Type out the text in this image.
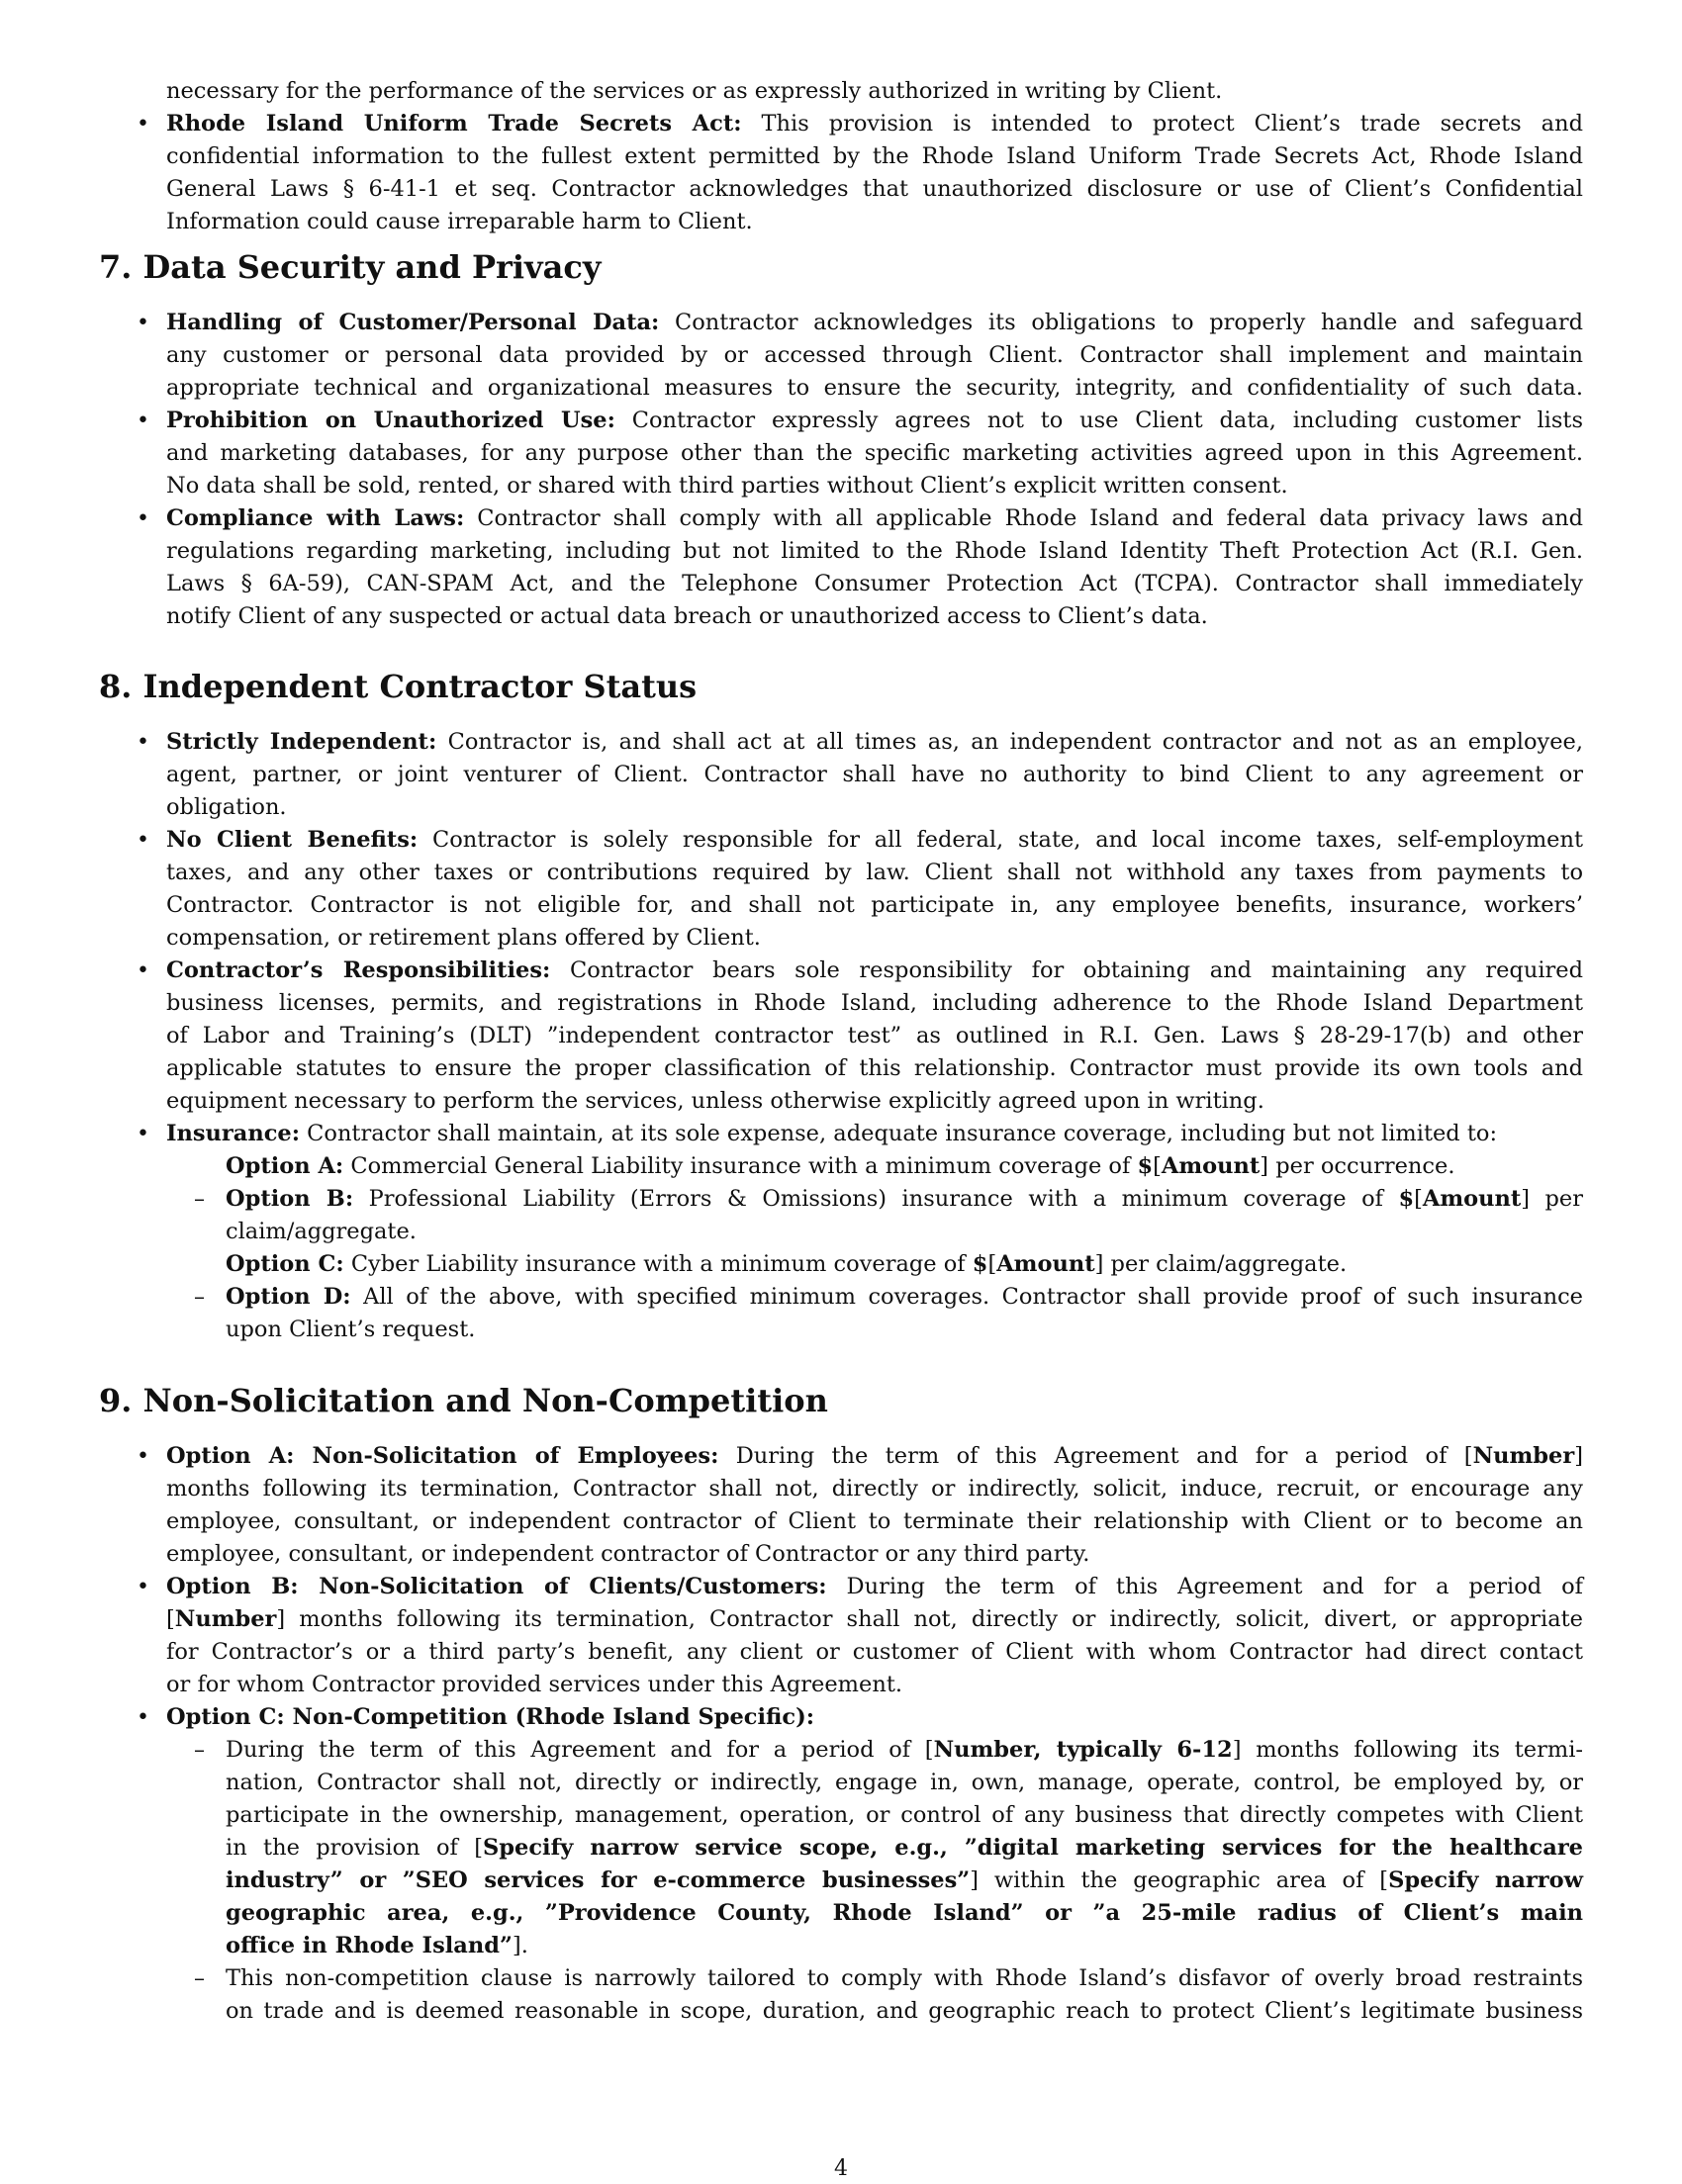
necessary for the performance of the services or as expressly authorized in writing by Client.
• Rhode Island Uniform Trade Secrets Act: This provision is intended to protect Client’s trade secrets and
confidential information to the fullest extent permitted by the Rhode Island Uniform Trade Secrets Act, Rhode Island
General Laws § 6-41-1 et seq. Contractor acknowledges that unauthorized disclosure or use of Client’s Confidential
Information could cause irreparable harm to Client.
7. Data Security and Privacy
• Handling of Customer/Personal Data: Contractor acknowledges its obligations to properly handle and safeguard
any customer or personal data provided by or accessed through Client. Contractor shall implement and maintain
appropriate technical and organizational measures to ensure the security, integrity, and confidentiality of such data.
• Prohibition on Unauthorized Use: Contractor expressly agrees not to use Client data, including customer lists
and marketing databases, for any purpose other than the specific marketing activities agreed upon in this Agreement.
No data shall be sold, rented, or shared with third parties without Client’s explicit written consent.
• Compliance with Laws: Contractor shall comply with all applicable Rhode Island and federal data privacy laws and
regulations regarding marketing, including but not limited to the Rhode Island Identity Theft Protection Act (R.I. Gen.
Laws § 6A-59), CAN-SPAM Act, and the Telephone Consumer Protection Act (TCPA). Contractor shall immediately
notify Client of any suspected or actual data breach or unauthorized access to Client’s data.
8. Independent Contractor Status
• Strictly Independent: Contractor is, and shall act at all times as, an independent contractor and not as an employee,
agent, partner, or joint venturer of Client. Contractor shall have no authority to bind Client to any agreement or
obligation.
• No Client Benefits: Contractor is solely responsible for all federal, state, and local income taxes, self-employment
taxes, and any other taxes or contributions required by law. Client shall not withhold any taxes from payments to
Contractor. Contractor is not eligible for, and shall not participate in, any employee benefits, insurance, workers’
compensation, or retirement plans offered by Client.
• Contractor’s Responsibilities: Contractor bears sole responsibility for obtaining and maintaining any required
business licenses, permits, and registrations in Rhode Island, including adherence to the Rhode Island Department
of Labor and Training’s (DLT) ”independent contractor test” as outlined in R.I. Gen. Laws § 28-29-17(b) and other
applicable statutes to ensure the proper classification of this relationship. Contractor must provide its own tools and
equipment necessary to perform the services, unless otherwise explicitly agreed upon in writing.
• Insurance: Contractor shall maintain, at its sole expense, adequate insurance coverage, including but not limited to:
Option A: Commercial General Liability insurance with a minimum coverage of $[Amount] per occurrence.
– Option B: Professional Liability (Errors & Omissions) insurance with a minimum coverage of $[Amount] per
claim/aggregate.
Option C: Cyber Liability insurance with a minimum coverage of $[Amount] per claim/aggregate.
– Option D: All of the above, with specified minimum coverages. Contractor shall provide proof of such insurance
upon Client’s request.
9. Non-Solicitation and Non-Competition
• Option A: Non-Solicitation of Employees: During the term of this Agreement and for a period of [Number]
months following its termination, Contractor shall not, directly or indirectly, solicit, induce, recruit, or encourage any
employee, consultant, or independent contractor of Client to terminate their relationship with Client or to become an
employee, consultant, or independent contractor of Contractor or any third party.
• Option B: Non-Solicitation of Clients/Customers: During the term of this Agreement and for a period of
[Number] months following its termination, Contractor shall not, directly or indirectly, solicit, divert, or appropriate
for Contractor’s or a third party’s benefit, any client or customer of Client with whom Contractor had direct contact
or for whom Contractor provided services under this Agreement.
• Option C: Non-Competition (Rhode Island Specific):
– During the term of this Agreement and for a period of [Number, typically 6-12] months following its termi-
nation, Contractor shall not, directly or indirectly, engage in, own, manage, operate, control, be employed by, or
participate in the ownership, management, operation, or control of any business that directly competes with Client
in the provision of [Specify narrow service scope, e.g., ”digital marketing services for the healthcare
industry” or ”SEO services for e-commerce businesses”] within the geographic area of [Specify narrow
geographic area, e.g., ”Providence County, Rhode Island” or ”a 25-mile radius of Client’s main
office in Rhode Island”].
– This non-competition clause is narrowly tailored to comply with Rhode Island’s disfavor of overly broad restraints
on trade and is deemed reasonable in scope, duration, and geographic reach to protect Client’s legitimate business
4
